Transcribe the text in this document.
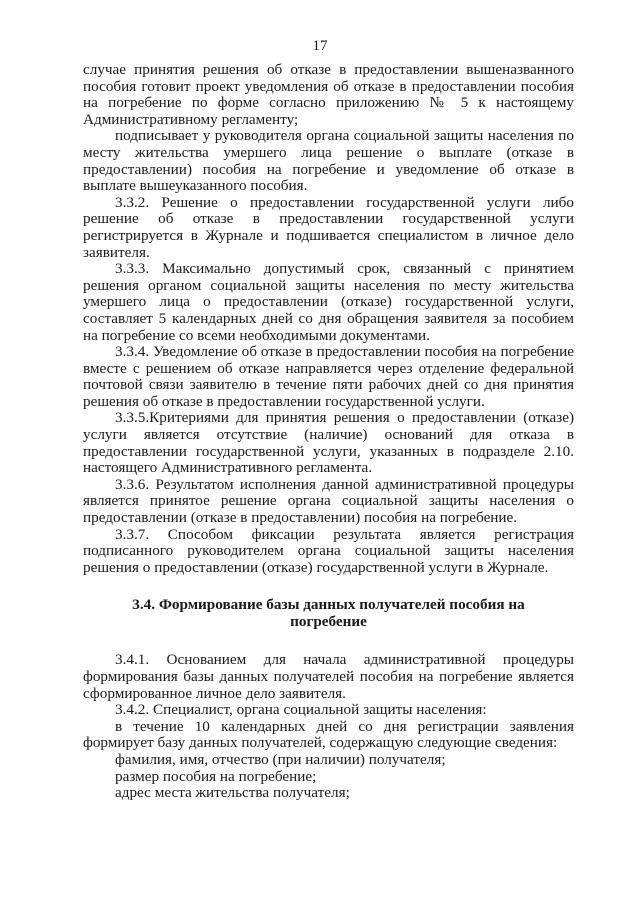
17

случае принятия решения об отказе в предоставлении вышеназванного пособия готовит проект уведомления об отказе в предоставлении пособия на погребение по форме согласно приложению № 5 к настоящему Административному регламенту;

подписывает у руководителя органа социальной защиты населения по месту жительства умершего лица решение о выплате (отказе в предоставлении) пособия на погребение и уведомление об отказе в выплате вышеуказанного пособия.

3.3.2. Решение о предоставлении государственной услуги либо решение об отказе в предоставлении государственной услуги регистрируется в Журнале и подшивается специалистом в личное дело заявителя.

3.3.3. Максимально допустимый срок, связанный с принятием решения органом социальной защиты населения по месту жительства умершего лица о предоставлении (отказе) государственной услуги, составляет 5 календарных дней со дня обращения заявителя за пособием на погребение со всеми необходимыми документами.

3.3.4. Уведомление об отказе в предоставлении пособия на погребение вместе с решением об отказе направляется через отделение федеральной почтовой связи заявителю в течение пяти рабочих дней со дня принятия решения об отказе в предоставлении государственной услуги.

3.3.5.Критериями для принятия решения о предоставлении (отказе) услуги является отсутствие (наличие) оснований для отказа в предоставлении государственной услуги, указанных в подразделе 2.10. настоящего Административного регламента.

3.3.6. Результатом исполнения данной административной процедуры является принятое решение органа социальной защиты населения о предоставлении (отказе в предоставлении) пособия на погребение.

3.3.7. Способом фиксации результата является регистрация подписанного руководителем органа социальной защиты населения решения о предоставлении (отказе) государственной услуги в Журнале.

3.4. Формирование базы данных получателей пособия на погребение

3.4.1. Основанием для начала административной процедуры формирования базы данных получателей пособия на погребение является сформированное личное дело заявителя.

3.4.2. Специалист, органа социальной защиты населения:

в течение 10 календарных дней со дня регистрации заявления формирует базу данных получателей, содержащую следующие сведения:

фамилия, имя, отчество (при наличии) получателя;

размер пособия на погребение;

адрес места жительства получателя;
